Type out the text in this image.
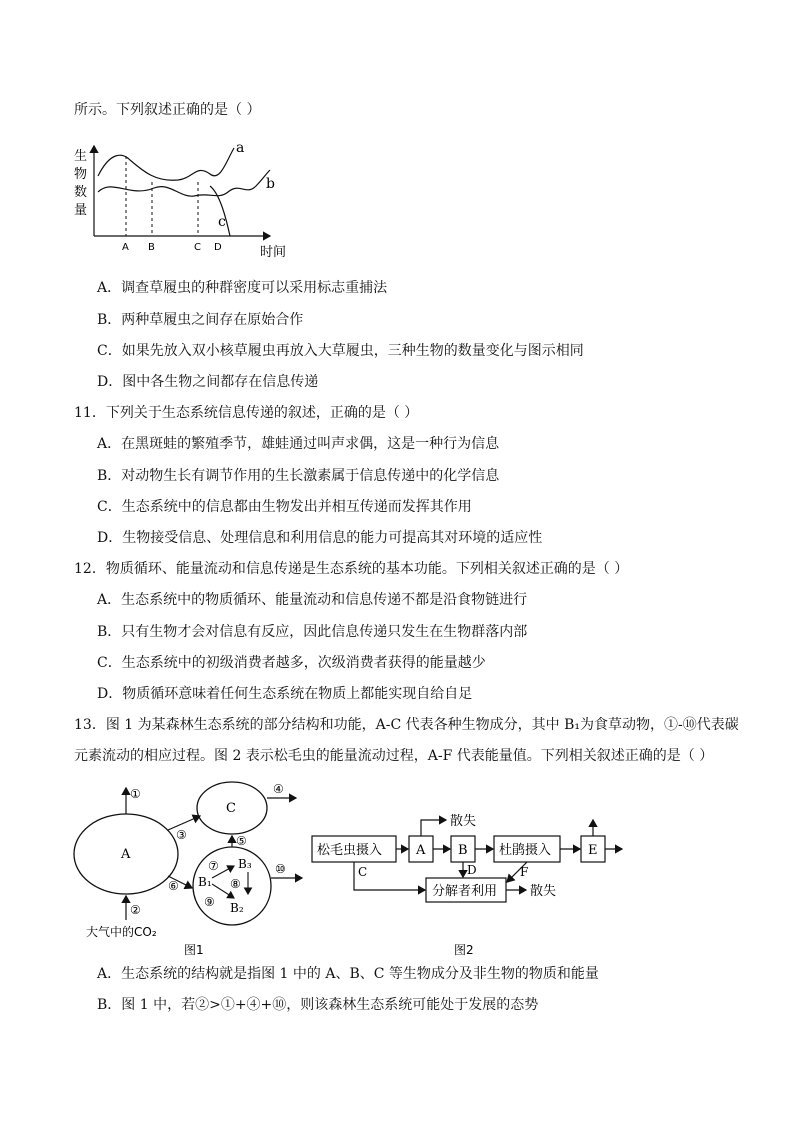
所示。下列叙述正确的是（ ）
生
物
数
量
a
b
c
A B	C D	时间
A．调查草履虫的种群密度可以采用标志重捕法
B．两种草履虫之间存在原始合作
C．如果先放入双小核草履虫再放入大草履虫，三种生物的数量变化与图示相同
D．图中各生物之间都存在信息传递
11．下列关于生态系统信息传递的叙述，正确的是（ ）
A．在黑斑蛙的繁殖季节，雄蛙通过叫声求偶，这是一种行为信息
B．对动物生长有调节作用的生长激素属于信息传递中的化学信息
C．生态系统中的信息都由生物发出并相互传递而发挥其作用
D．生物接受信息、处理信息和利用信息的能力可提高其对环境的适应性
12．物质循环、能量流动和信息传递是生态系统的基本功能。下列相关叙述正确的是（ ）
A．生态系统中的物质循环、能量流动和信息传递不都是沿食物链进行
B．只有生物才会对信息有反应，因此信息传递只发生在生物群落内部
C．生态系统中的初级消费者越多，次级消费者获得的能量越少
D．物质循环意味着任何生态系统在物质上都能实现自给自足
13．图 1 为某森林生态系统的部分结构和功能，A-C 代表各种生物成分，其中 B₁为食草动物，①-⑩代表碳
元素流动的相应过程。图 2 表示松毛虫的能量流动过程，A-F 代表能量值。下列相关叙述正确的是（ ）
A
C
①
②
③
④
⑤
⑥
⑦ B₃
B₁ ⑧
⑨ B₂
⑩
大气中的CO₂
图1
松毛虫摄入	A	B 杜鹃摄入	E
分解者利用
散失
C	D	F
散失
图2
A．生态系统的结构就是指图 1 中的 A、B、C 等生物成分及非生物的物质和能量
B．图 1 中，若②>①+④+⑩，则该森林生态系统可能处于发展的态势
